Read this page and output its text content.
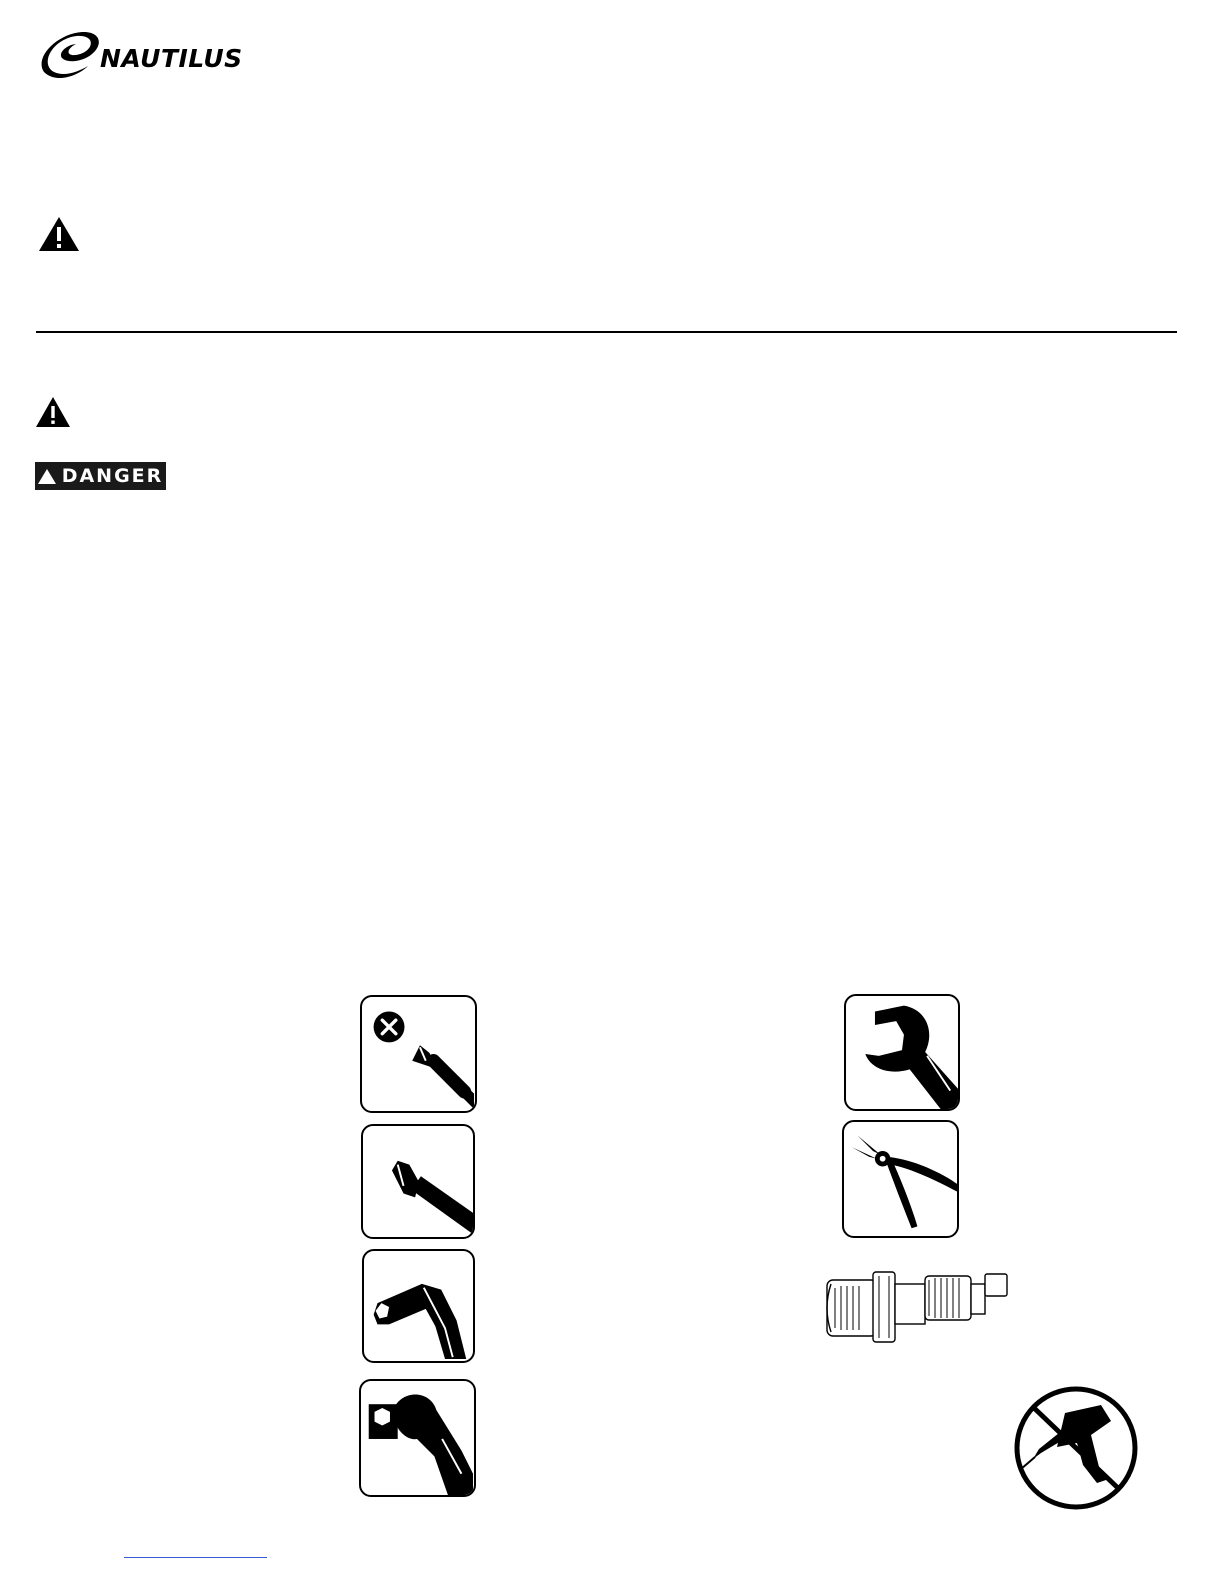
NAUTILUS
DANGER
